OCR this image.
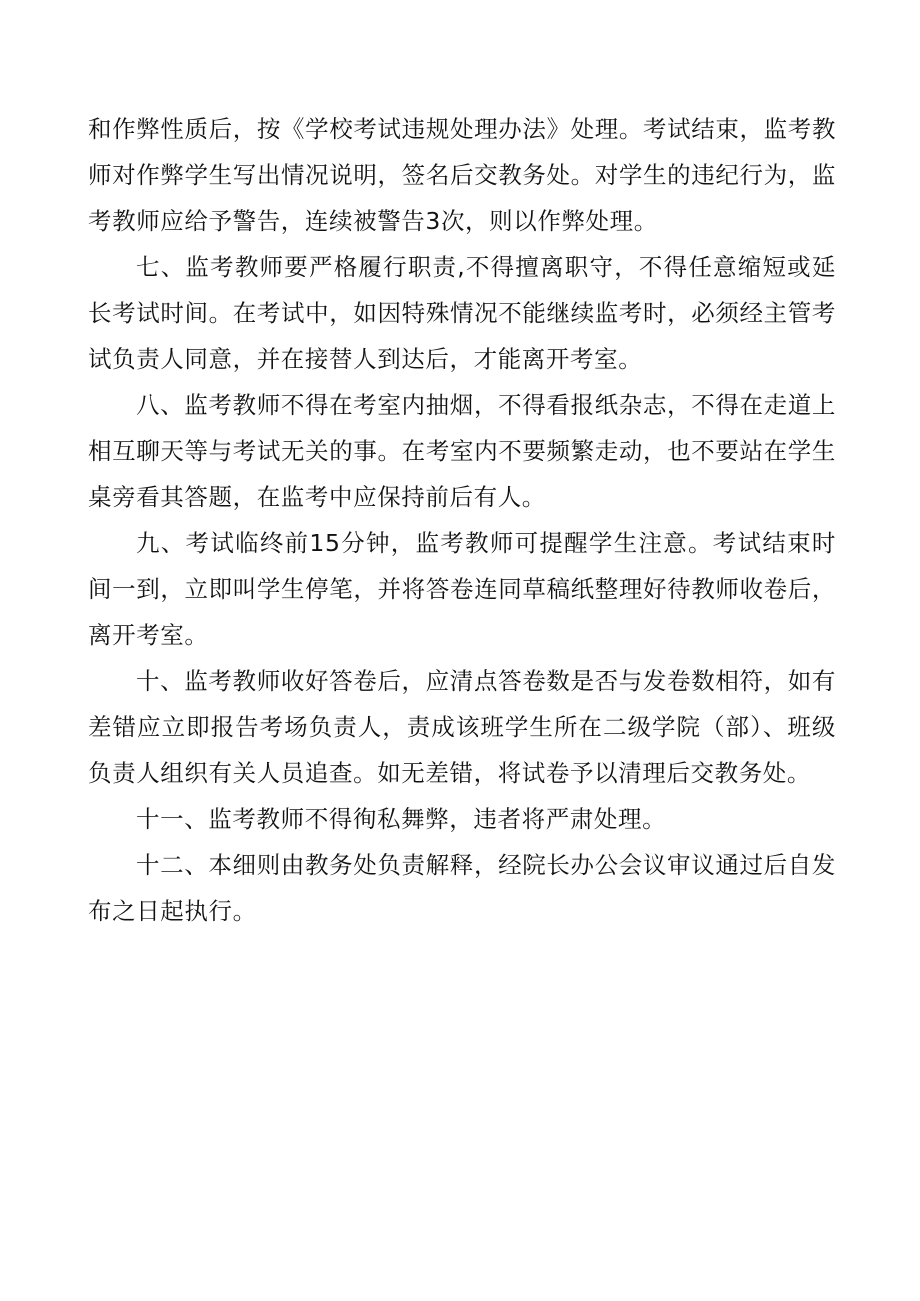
和作弊性质后，按《学校考试违规处理办法》处理。考试结束，监考教师对作弊学生写出情况说明，签名后交教务处。对学生的违纪行为，监考教师应给予警告，连续被警告3次，则以作弊处理。

七、监考教师要严格履行职责,不得擅离职守，不得任意缩短或延长考试时间。在考试中，如因特殊情况不能继续监考时，必须经主管考试负责人同意，并在接替人到达后，才能离开考室。

八、监考教师不得在考室内抽烟，不得看报纸杂志，不得在走道上相互聊天等与考试无关的事。在考室内不要频繁走动，也不要站在学生桌旁看其答题，在监考中应保持前后有人。

九、考试临终前15分钟，监考教师可提醒学生注意。考试结束时间一到，立即叫学生停笔，并将答卷连同草稿纸整理好待教师收卷后，离开考室。

十、监考教师收好答卷后，应清点答卷数是否与发卷数相符，如有差错应立即报告考场负责人，责成该班学生所在二级学院（部）、班级负责人组织有关人员追查。如无差错，将试卷予以清理后交教务处。

十一、监考教师不得徇私舞弊，违者将严肃处理。

十二、本细则由教务处负责解释，经院长办公会议审议通过后自发布之日起执行。
